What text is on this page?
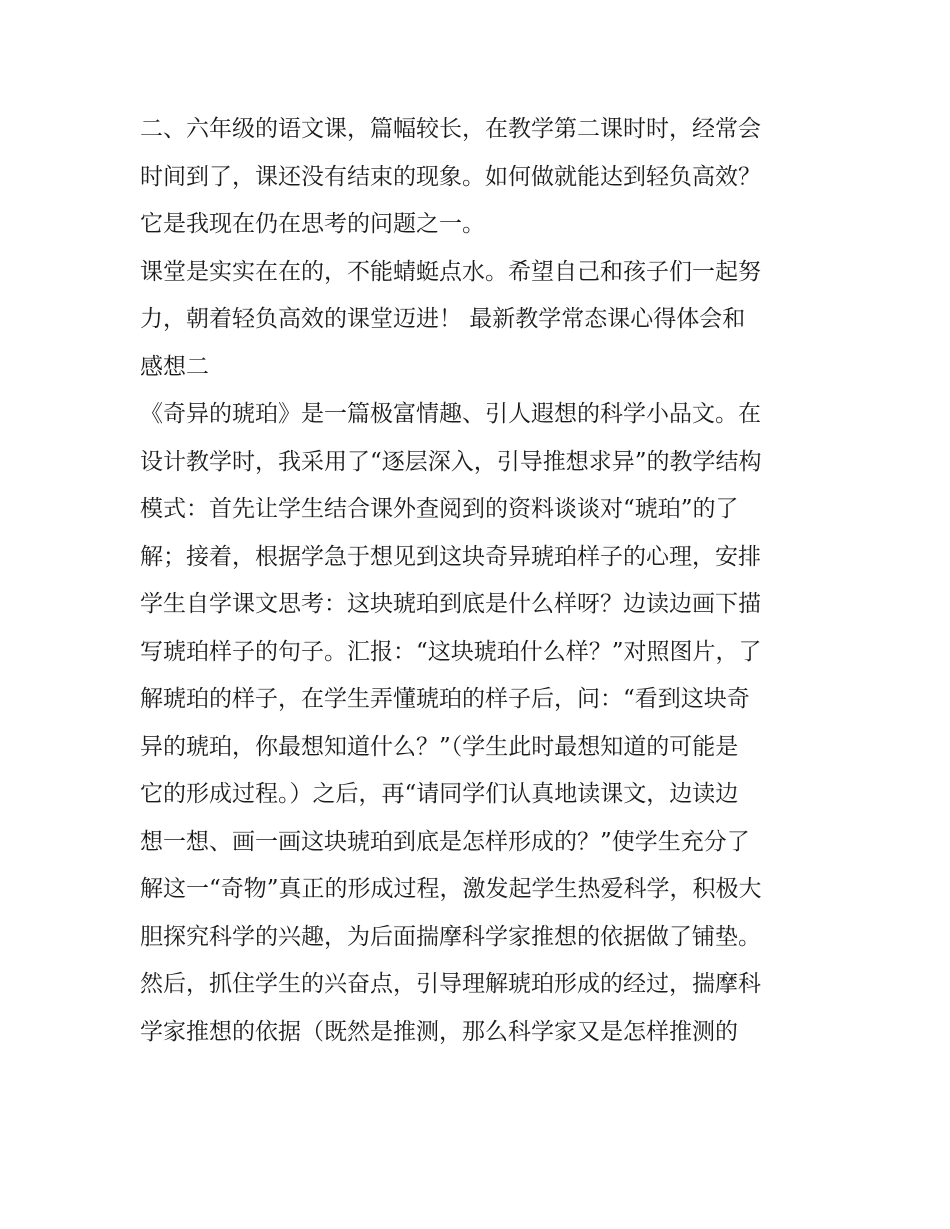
二、六年级的语文课，篇幅较长，在教学第二课时时，经常会
时间到了，课还没有结束的现象。如何做就能达到轻负高效？
它是我现在仍在思考的问题之一。
课堂是实实在在的，不能蜻蜓点水。希望自己和孩子们一起努
力，朝着轻负高效的课堂迈进！ 最新教学常态课心得体会和
感想二
《奇异的琥珀》是一篇极富情趣、引人遐想的科学小品文。在
设计教学时，我采用了“逐层深入，引导推想求异”的教学结构
模式：首先让学生结合课外查阅到的资料谈谈对“琥珀”的了
解；接着，根据学急于想见到这块奇异琥珀样子的心理，安排
学生自学课文思考：这块琥珀到底是什么样呀？边读边画下描
写琥珀样子的句子。汇报：“这块琥珀什么样？”对照图片，了
解琥珀的样子，在学生弄懂琥珀的样子后，问：“看到这块奇
异的琥珀，你最想知道什么？”（学生此时最想知道的可能是
它的形成过程。）之后，再“请同学们认真地读课文，边读边
想一想、画一画这块琥珀到底是怎样形成的？”使学生充分了
解这一“奇物”真正的形成过程，激发起学生热爱科学，积极大
胆探究科学的兴趣，为后面揣摩科学家推想的依据做了铺垫。
然后，抓住学生的兴奋点，引导理解琥珀形成的经过，揣摩科
学家推想的依据（既然是推测，那么科学家又是怎样推测的
